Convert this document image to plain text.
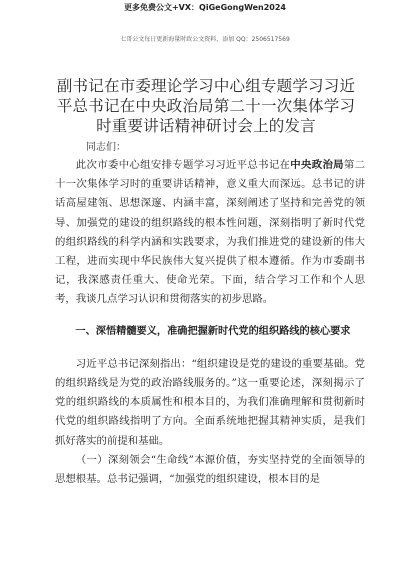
更多免费公文+VX：QiGeGongWen2024
七哥公文每日更新海量时政公文资料，添加 QQ：2506517569
副书记在市委理论学习中心组专题学习习近平总书记在中央政治局第二十一次集体学习时重要讲话精神研讨会上的发言
同志们：

此次市委中心组安排专题学习习近平总书记在中央政治局第二十一次集体学习时的重要讲话精神，意义重大而深远。总书记的讲话高屋建瓴、思想深邃、内涵丰富，深刻阐述了坚持和完善党的领导、加强党的建设的组织路线的根本性问题，深刻指明了新时代党的组织路线的科学内涵和实践要求，为我们推进党的建设新的伟大工程，进而实现中华民族伟大复兴提供了根本遵循。作为市委副书记，我深感责任重大、使命光荣。下面，结合学习工作和个人思考，我谈几点学习认识和贯彻落实的初步思路。

一、深悟精髓要义，准确把握新时代党的组织路线的核心要求

习近平总书记深刻指出：“组织建设是党的建设的重要基础。党的组织路线是为党的政治路线服务的。”这一重要论述，深刻揭示了党的组织路线的本质属性和根本目的，为我们准确理解和贯彻新时代党的组织路线指明了方向。全面系统地把握其精神实质，是我们抓好落实的前提和基础。

（一）深刻领会“生命线”本源价值，夯实坚持党的全面领导的思想根基。总书记强调，“加强党的组织建设，根本目的是
